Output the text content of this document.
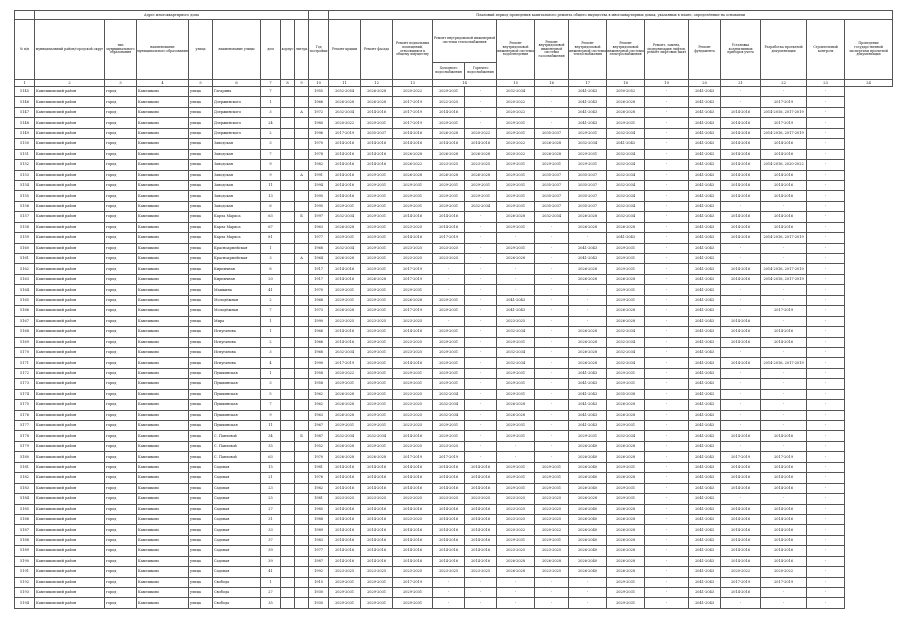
	Адрес многоквартирного дома									Плановый период проведения капитального ремонта общего имущества в многоквартирных домах, указанных в плане, определённые на основании														
№ п/п	муниципальный район/городской округ	тип муниципального образования	наименование муниципального образования	улица	наименование улицы	дом	корпус	литера	Год постройки	Ремонт крыши	Ремонт фасада	Ремонт подвальных помещений, относящихся к общему имуществу	Ремонт внутридомовой инженерной системы теплоснабжения		Ремонт внутридомовой инженерной системы водоотведения	Ремонт внутридомовой инженерной системы газоснабжения	Ремонт внутридомовой инженерной системы теплоснабжения	Ремонт внутридомовой инженерной системы электроснабжения	Ремонт, замена, модернизация лифтов, ремонт лифтовых шахт	Ремонт фундамента	Установка коллективных приборов учета	Разработка проектной документации	Строительный контроль	Проведение государственной экспертизы проектной документации
													Холодного водоснабжения	Горячего водоснабжения										
1	2	3	4	5	6	7	8	9	10	11	12	13	14		15	16	17	18	19	20	21	22	23	24
5145	Камешковский район	город	Камешково	улица	Гагарина	7			1955	2052-2054	2026-2028	2020-2022	2029-2031	-	2032-2034	-	2041-2043	2050-2052	-	2041-2043	-	-	-	
5146	Камешковский район	город	Камешково	улица	Дзержинского	1			1966	2026-2028	2026-2028	2017-2019	2022-2025	-	2020-2022	-	2041-2043	2026-2028	-	2041-2043	-	2017-2019	-	
5147	Камешковский район	город	Камешково	улица	Дзержинского	3		А	1972	2032-2034	2014-2016	2017-2019	2014-2016	-	2020-2022	-	2041-2043	2026-2028	-	2041-2043	2014-2016	2014-2016, 2017-2019	-	
5148	Камешковский район	город	Камешково	улица	Дзержинского	24			1980	2020-2022	2029-2031	2017-2019	2029-2031	-	2029-2031	-	2041-2043	2029-2031	-	2041-2043	2014-2016	2017-2019	-	
5149	Камешковский район	город	Камешково	улица	Дзержинского	2			1996	2017-2019	2035-2037	2014-2016	2026-2028	2020-2022	2029-2031	2035-2037	2029-2031	2032-2034	-	2041-2043	2014-2016	2014-2016, 2017-2019	-	
5150	Камешковский район	город	Камешково	улица	Заводская	3			1970	2014-2016	2014-2016	2014-2016	2014-2016	2014-2016	2020-2022	2026-2028	2032-2034	2041-2043	-	2041-2043	2014-2016	2014-2016	-	
5151	Камешковский район	город	Камешково	улица	Заводская	7			1978	2014-2016	2014-2016	2026-2028	2026-2028	2026-2028	2020-2022	2026-2028	2029-2031	2032-2034	-	2041-2043	2014-2016	2014-2016	-	
5152	Камешковский район	город	Камешково	улица	Заводская	9			1982	2014-2016	2014-2016	2026-2022	2023-2025	2023-2025	2029-2031	2029-2031	2029-2031	2032-2034	-	2041-2043	2014-2016	2014-2016, 2020-2022	-	
5153	Камешковский район	город	Камешково	улица	Заводская	9		А	1991	2014-2016	2029-2031	2026-2028	2026-2028	2026-2028	2029-2031	2035-2037	2035-2037	2032-2034	-	2041-2043	2014-2016	2014-2016	-	
5154	Камешковский район	город	Камешково	улица	Заводская	11			1994	2014-2016	2029-2031	2029-2031	2029-2031	2029-2031	2029-2031	2035-2037	2035-2037	2032-2034	-	2041-2043	2014-2016	2014-2016	-	
5155	Камешковский район	город	Камешково	улица	Заводская	13			1995	2014-2016	2029-2031	2029-2031	2029-2031	2029-2031	2029-2031	2035-2037	2035-2037	2032-2034	-	2041-2043	2014-2016	2014-2016	-	
5156	Камешковский район	город	Камешково	улица	Заводская	6			1995	2029-2031	2029-2031	2029-2031	2029-2031	2032-2034	2029-2031	2035-2037	2035-2037	2032-2034	-	2041-2043	-	-	-	
5157	Камешковский район	город	Камешково	улица	Карла Маркса	63		Б	1997	2032-2034	2029-2031	2014-2016	2014-2016	-	2026-2028	2032-2034	2026-2028	2032-2034	-	2041-2043	2014-2016	2014-2016	-	
5158	Камешковский район	город	Камешково	улица	Карла Маркса	67			1963	2026-2028	2029-2031	2023-2025	2014-2016	-	2029-2031	-	2026-2028	2026-2028	-	2041-2043	2014-2016	2014-2016	-	
5159	Камешковский район	город	Камешково	улица	Карла Маркса	81			1977	2029-2031	2029-2031	2014-2016	2017-2019	-	-	-	-	2041-2043	-	2041-2043	2014-2016	2014-2016, 2017-2019	-	
5160	Камешковский район	город	Камешково	улица	Красноармейская	1			1968	2032-2034	2029-2031	2023-2025	2023-2025	-	2029-2031	-	2041-2043	2029-2031	-	2041-2043	-	-	-	
5161	Камешковский район	город	Камешково	улица	Красноармейская	3		А	1964	2026-2028	2029-2031	2023-2025	2023-2025	-	2026-2028	-	2041-2043	2029-2031	-	2041-2043	-	-	-	
5162	Камешковский район	город	Камешково	улица	Кирпичная	8			1917	2014-2016	2029-2031	2017-2019	-	-	-	-	2026-2028	2029-2031	-	2041-2043	2014-2016	2014-2016, 2017-2019	-	
5163	Камешковский район	город	Камешково	улица	Кирпичная	20			1917	2014-2016	2026-2028	2017-2019	-	-	-	-	2026-2028	2026-2028	-	2041-2043	2014-2016	2014-2016, 2017-2019	-	
5164	Камешковский район	город	Камешково	улица	Машкина	41			1970	2029-2031	2029-2031	2029-2031	-	-	-	-	-	2029-2031	-	2041-2043	-	-	-	
5165	Камешковский район	город	Камешково	улица	Молодёжная	2			1968	2029-2031	2029-2031	2026-2028	2029-2031	-	2041-2043	-	-	2029-2031	-	2041-2043	-	-	-	
5166	Камешковский район	город	Камешково	улица	Молодёжная	7			1973	2026-2028	2029-2031	2017-2019	2029-2031	-	2041-2043	-	-	2026-2028	-	2041-2043	-	2017-2019	-	
5167	Камешковский район	город	Камешково	улица	Мира	1			1990	2023-2025	2023-2025	2023-2025	-	-	2023-2025	-	-	2026-2028	-	2041-2043	2014-2016	-	-	
5168	Камешковский район	город	Камешково	улица	Испуганова	1			1966	2014-2016	2029-2031	2014-2016	2029-2031	-	2032-2034	-	2026-2028	2032-2034	-	2041-2043	2014-2016	2014-2016	-	
5169	Камешковский район	город	Камешково	улица	Испуганова	2			1966	2014-2016	2029-2031	2023-2025	2029-2031	-	2029-2031	-	2026-2028	2032-2034	-	2041-2043	2014-2016	2014-2016	-	
5170	Камешковский район	город	Камешково	улица	Испуганова	3			1968	2032-2034	2029-2031	2023-2025	2029-2031	-	2032-2034	-	2026-2028	2032-2034	-	2041-2043	-	-	-	
5171	Камешковский район	город	Камешково	улица	Испуганова	4			1990	2017-2019	2029-2031	2014-2016	2029-2031	-	2032-2034	-	2026-2028	2032-2034	-	2041-2043	2014-2016	2014-2016, 2017-2019	-	
5172	Камешковский район	город	Камешково	улица	Пушкинская	1			1958	2020-2022	2029-2031	2029-2031	2029-2031	-	2029-2031	-	2041-2043	2029-2031	-	2041-2043	-	-	-	
5173	Камешковский район	город	Камешково	улица	Пушкинская	3			1958	2029-2031	2029-2031	2029-2031	2029-2031	-	2029-2031	-	2041-2043	2029-2031	-	2041-2043	-	-	-	
5174	Камешковский район	город	Камешково	улица	Пушкинская	5			1962	2026-2028	2029-2031	2023-2025	2032-2034	-	2029-2031	-	2041-2043	2035-2038	-	2041-2043	-	-	-	
5175	Камешковский район	город	Камешково	улица	Пушкинская	7			1962	2026-2028	2029-2031	2023-2025	2032-2034	-	2026-2028	-	2041-2043	2026-2028	-	2041-2043	-	-	-	
5176	Камешковский район	город	Камешково	улица	Пушкинская	9			1963	2026-2028	2029-2031	2023-2025	2032-2034	-	2026-2028	-	2041-2043	2026-2028	-	2041-2043	-	-	-	
5177	Камешковский район	город	Камешково	улица	Пушкинская	11			1967	2029-2031	2029-2031	2023-2025	2029-2031	-	2029-2031	-	2041-2043	2029-2031	-	2041-2043	-	-	-	
5178	Камешковский район	город	Камешково	улица	С. Павловой	34		Б	1987	2032-2034	2032-2034	2014-2016	2029-2031	-	2029-2031	-	2029-2031	2032-2034	-	2041-2043	2014-2016	2014-2016	-	
5179	Камешковский район	город	Камешково	улица	С. Павловой	35			1952	2026-2028	2029-2031	2023-2025	2023-2025	-	-	-	2026-2040	2026-2028	-	2041-2043	-	-	-	
5180	Камешковский район	город	Камешково	улица	С. Павловой	63			1970	2026-2028	2026-2028	2017-2019	2017-2019	-	-	-	2026-2040	2026-2028	-	2041-2043	2017-2019	2017-2019	-	
5181	Камешковский район	город	Камешково	улица	Садовая	15			1981	2014-2016	2014-2016	2014-2016	2014-2016	2014-2016	2029-2031	2029-2031	2026-2040	2029-2031	-	2041-2043	2014-2016	2014-2016	-	
5182	Камешковский район	город	Камешково	улица	Садовая	21			1976	2014-2016	2014-2016	2014-2016	2014-2016	2014-2016	2029-2031	2029-2031	2026-2040	2026-2028	-	2041-2043	2014-2016	2014-2016	-	
5183	Камешковский район	город	Камешково	улица	Садовая	23			1982	2014-2016	2014-2016	2014-2016	2014-2016	2014-2016	2029-2031	2029-2031	2026-2040	2029-2031	-	2041-2043	2014-2016	2014-2016	-	
5184	Камешковский район	город	Камешково	улица	Садовая	25			1981	2023-2025	2023-2025	2023-2025	2023-2025	2023-2025	2023-2025	2023-2025	2026-2028	2029-2031	-	2041-2043	-	-	-	
5185	Камешковский район	город	Камешково	улица	Садовая	27			1985	2014-2016	2014-2016	2014-2016	2014-2016	2014-2016	2023-2025	2023-2025	2026-2040	2026-2028	-	2041-2043	2014-2016	2014-2016	-	
5186	Камешковский район	город	Камешково	улица	Садовая	31			1988	2014-2016	2014-2016	2023-2025	2014-2016	2014-2016	2023-2025	2023-2025	2026-2040	2026-2028	-	2041-2043	2014-2016	2014-2016	-	
5187	Камешковский район	город	Камешково	улица	Садовая	33			1989	2014-2016	2014-2016	2014-2016	2014-2016	2014-2016	2020-2022	2020-2022	2026-2040	2026-2028	-	2041-2043	2014-2016	2014-2016	-	
5188	Камешковский район	город	Камешково	улица	Садовая	37			1983	2014-2016	2014-2016	2014-2016	2014-2016	2014-2016	2029-2031	2029-2031	2026-2040	2026-2028	-	2041-2043	2014-2016	2014-2016	-	
5189	Камешковский район	город	Камешково	улица	Садовая	39			1977	2014-2016	2014-2016	2014-2016	2014-2016	2014-2016	2023-2025	2023-2025	2026-2040	2026-2028	-	2041-2043	2014-2016	2014-2016	-	
5190	Камешковский район	город	Камешково	улица	Садовая	39			1987	2014-2016	2014-2016	2014-2016	2014-2016	2014-2016	2026-2028	2026-2028	2026-2040	2026-2028	-	2041-2043	2014-2016	2014-2016	-	
5191	Камешковский район	город	Камешково	улица	Садовая	41			1992	2023-2025	2023-2025	2023-2025	2023-2025	2023-2025	2026-2028	2023-2025	2026-2040	2026-2028	-	2041-2043	2020-2022	2020-2022	-	
5192	Камешковский район	город	Камешково	улица	Свобода	1			1915	2029-2031	2029-2031	2017-2019	-	-	-	-	-	2029-2031	-	2041-2043	2017-2019	2017-2019	-	
5193	Камешковский район	город	Камешково	улица	Свобода	27			1930	2029-2031	2029-2031	2029-2031	-	-	-	-	-	2029-2031	-	2041-2043	2014-2016	-	-	
5194	Камешковский район	город	Камешково	улица	Свобода	35			1930	2029-2031	2029-2031	2029-2031	-	-	-	-	-	2029-2031	-	2041-2043	-	-	-	
